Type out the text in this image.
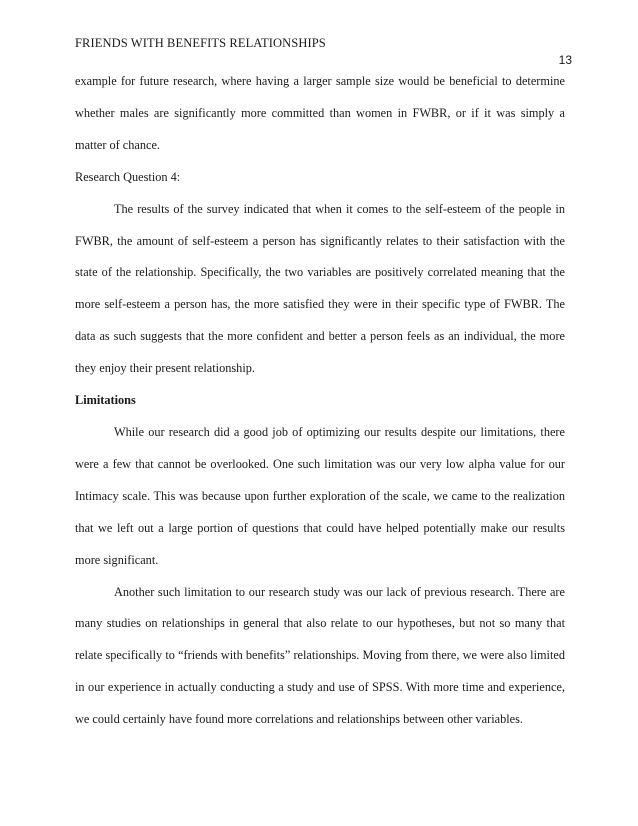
FRIENDS WITH BENEFITS RELATIONSHIPS
13

example for future research, where having a larger sample size would be beneficial to determine whether males are significantly more committed than women in FWBR, or if it was simply a matter of chance.

Research Question 4:

The results of the survey indicated that when it comes to the self-esteem of the people in FWBR, the amount of self-esteem a person has significantly relates to their satisfaction with the state of the relationship. Specifically, the two variables are positively correlated meaning that the more self-esteem a person has, the more satisfied they were in their specific type of FWBR. The data as such suggests that the more confident and better a person feels as an individual, the more they enjoy their present relationship.

Limitations

While our research did a good job of optimizing our results despite our limitations, there were a few that cannot be overlooked. One such limitation was our very low alpha value for our Intimacy scale. This was because upon further exploration of the scale, we came to the realization that we left out a large portion of questions that could have helped potentially make our results more significant.

Another such limitation to our research study was our lack of previous research. There are many studies on relationships in general that also relate to our hypotheses, but not so many that relate specifically to “friends with benefits” relationships. Moving from there, we were also limited in our experience in actually conducting a study and use of SPSS. With more time and experience, we could certainly have found more correlations and relationships between other variables.
